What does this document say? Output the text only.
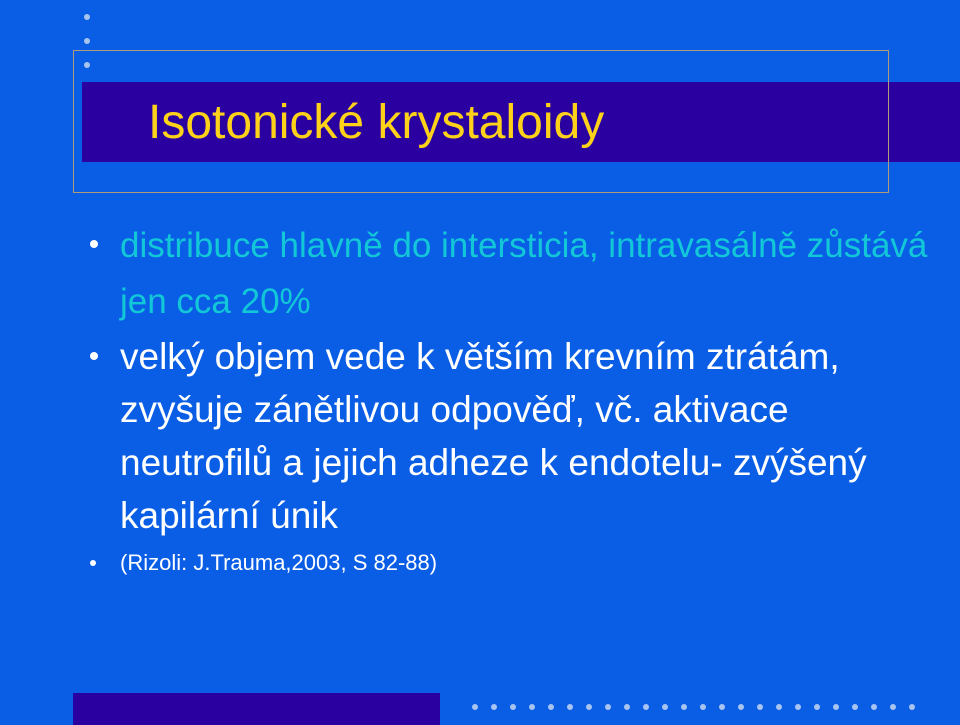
Isotonické krystaloidy
distribuce hlavně do intersticia, intravasálně zůstává jen cca 20%
velký objem vede k větším krevním ztrátám, zvyšuje zánětlivou odpověď, vč. aktivace neutrofilů a jejich adheze k endotelu- zvýšený kapilární únik
(Rizoli: J.Trauma,2003, S 82-88)
